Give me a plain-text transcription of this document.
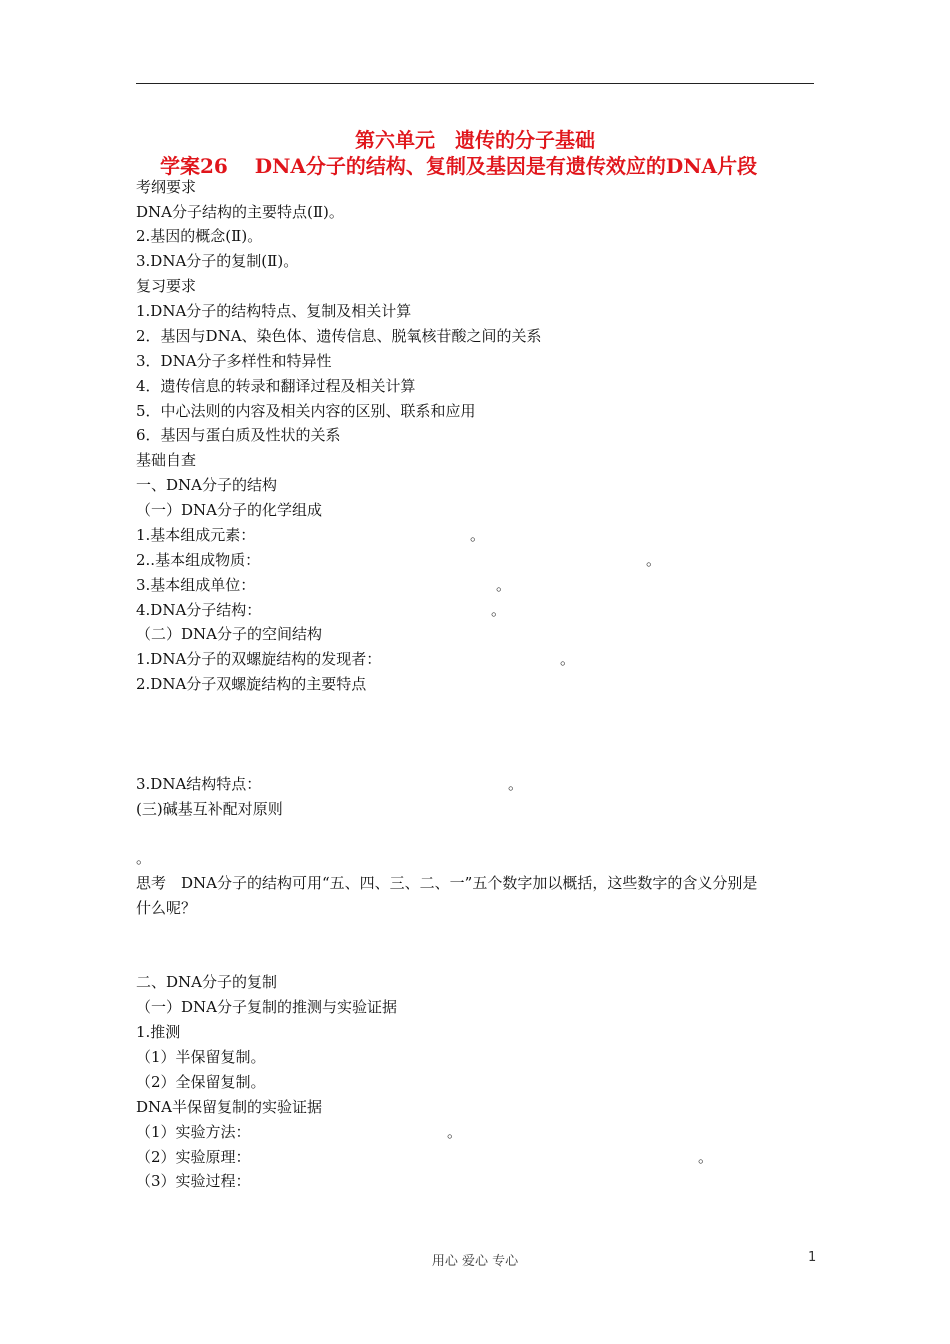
第六单元　遗传的分子基础
学案26　 DNA分子的结构、复制及基因是有遗传效应的DNA片段
考纲要求
DNA分子结构的主要特点(Ⅱ)。
2.基因的概念(Ⅱ)。
3.DNA分子的复制(Ⅱ)。
复习要求
1.DNA分子的结构特点、复制及相关计算
2．基因与DNA、染色体、遗传信息、脱氧核苷酸之间的关系
3．DNA分子多样性和特异性
4．遗传信息的转录和翻译过程及相关计算
5．中心法则的内容及相关内容的区别、联系和应用
6．基因与蛋白质及性状的关系
基础自查
一、DNA分子的结构
（一）DNA分子的化学组成
1.基本组成元素：	。
2..基本组成物质：	。
3.基本组成单位：	。
4.DNA分子结构：	。
（二）DNA分子的空间结构
1.DNA分子的双螺旋结构的发现者：	。
2.DNA分子双螺旋结构的主要特点
3.DNA结构特点：	。
(三)碱基互补配对原则
。
思考　DNA分子的结构可用“五、四、三、二、一”五个数字加以概括，这些数字的含义分别是
什么呢？
二、DNA分子的复制
（一）DNA分子复制的推测与实验证据
1.推测
（1）半保留复制。
（2）全保留复制。
DNA半保留复制的实验证据
（1）实验方法：	。
（2）实验原理：	。
（3）实验过程：
用心 爱心 专心	1
